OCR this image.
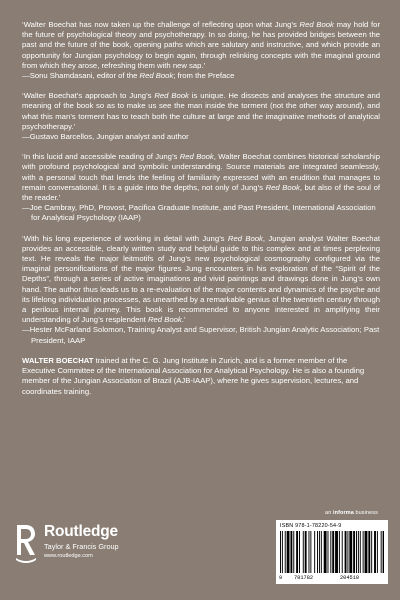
‘Walter Boechat has now taken up the challenge of reflecting upon what Jung’s Red Book may hold for the future of psychological theory and psychotherapy. In so doing, he has provided bridges between the past and the future of the book, opening paths which are salutary and instructive, and which provide an opportunity for Jungian psychology to begin again, through relinking concepts with the imaginal ground from which they arose, refreshing them with new sap.’

—Sonu Shamdasani, editor of the Red Book; from the Preface

‘Walter Boechat’s approach to Jung’s Red Book is unique. He dissects and analyses the structure and meaning of the book so as to make us see the man inside the torment (not the other way around), and what this man’s torment has to teach both the culture at large and the imaginative methods of analytical psychotherapy.’

—Gustavo Barcellos, Jungian analyst and author

‘In this lucid and accessible reading of Jung’s Red Book, Walter Boechat combines historical scholarship with profound psychological and symbolic understanding. Source materials are integrated seamlessly, with a personal touch that lends the feeling of familiarity expressed with an erudition that manages to remain conversational. It is a guide into the depths, not only of Jung’s Red Book, but also of the soul of the reader.’

—Joe Cambray, PhD, Provost, Pacifica Graduate Institute, and Past President, International Association for Analytical Psychology (IAAP)

‘With his long experience of working in detail with Jung’s Red Book, Jungian analyst Walter Boechat provides an accessible, clearly written study and helpful guide to this complex and at times perplexing text. He reveals the major leitmotifs of Jung’s new psychological cosmography configured via the imaginal personifications of the major figures Jung encounters in his exploration of the “Spirit of the Depths”, through a series of active imaginations and vivid paintings and drawings done in Jung’s own hand. The author thus leads us to a re-evaluation of the major contents and dynamics of the psyche and its lifelong individuation processes, as unearthed by a remarkable genius of the twentieth century through a perilous internal journey. This book is recommended to anyone interested in amplifying their understanding of Jung’s resplendent Red Book.’

—Hester McFarland Solomon, Training Analyst and Supervisor, British Jungian Analytic Association; Past President, IAAP

WALTER BOECHAT trained at the C. G. Jung Institute in Zurich, and is a former member of the Executive Committee of the International Association for Analytical Psychology. He is also a founding member of the Jungian Association of Brazil (AJB-IAAP), where he gives supervision, lectures, and coordinates training.

an informa business
Routledge
Taylor & Francis Group
www.routledge.com
ISBN 978-1-78220-54-9
9 781782	204510
